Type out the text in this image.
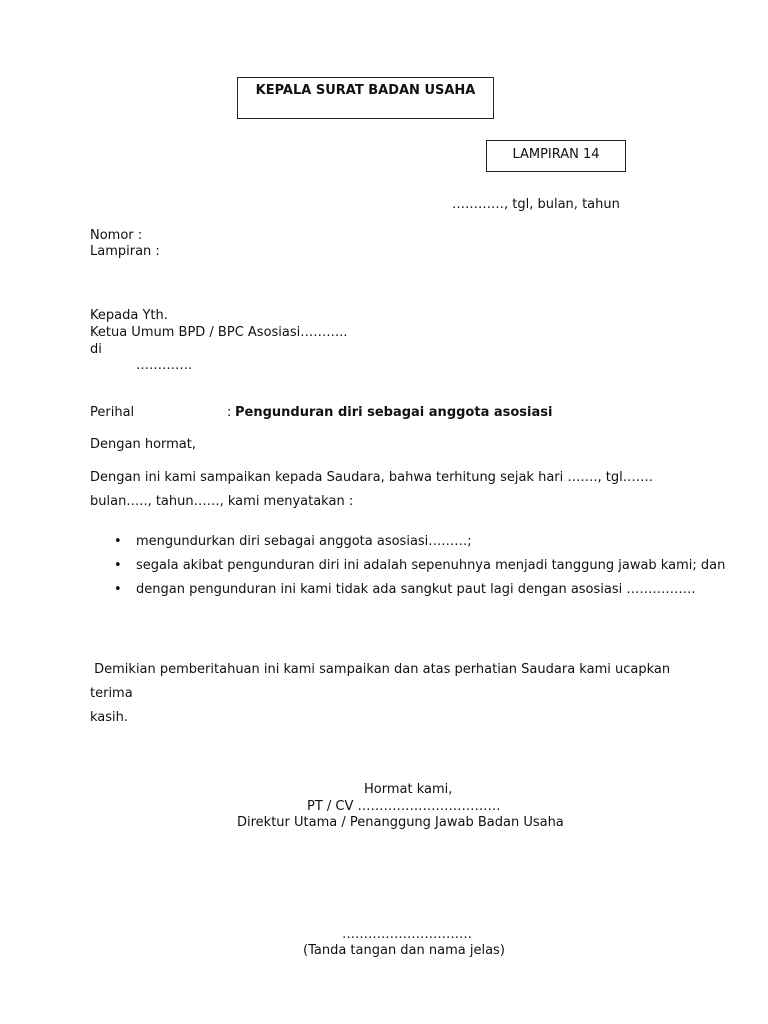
KEPALA SURAT BADAN USAHA
LAMPIRAN 14
…………, tgl, bulan, tahun
Nomor :
Lampiran :
Kepada Yth.
Ketua Umum BPD / BPC Asosiasi………..
di
………….
Perihal	: Pengunduran diri sebagai anggota asosiasi
Dengan hormat,
Dengan ini kami sampaikan kepada Saudara, bahwa terhitung sejak hari ……., tgl…….
bulan….., tahun……, kami menyatakan :
• mengundurkan diri sebagai anggota asosiasi………;
• segala akibat pengunduran diri ini adalah sepenuhnya menjadi tanggung jawab kami; dan
• dengan pengunduran ini kami tidak ada sangkut paut lagi dengan asosiasi …………….
Demikian pemberitahuan ini kami sampaikan dan atas perhatian Saudara kami ucapkan
terima
kasih.
Hormat kami,
PT / CV ……………………………
Direktur Utama / Penanggung Jawab Badan Usaha
…………………………
(Tanda tangan dan nama jelas)
